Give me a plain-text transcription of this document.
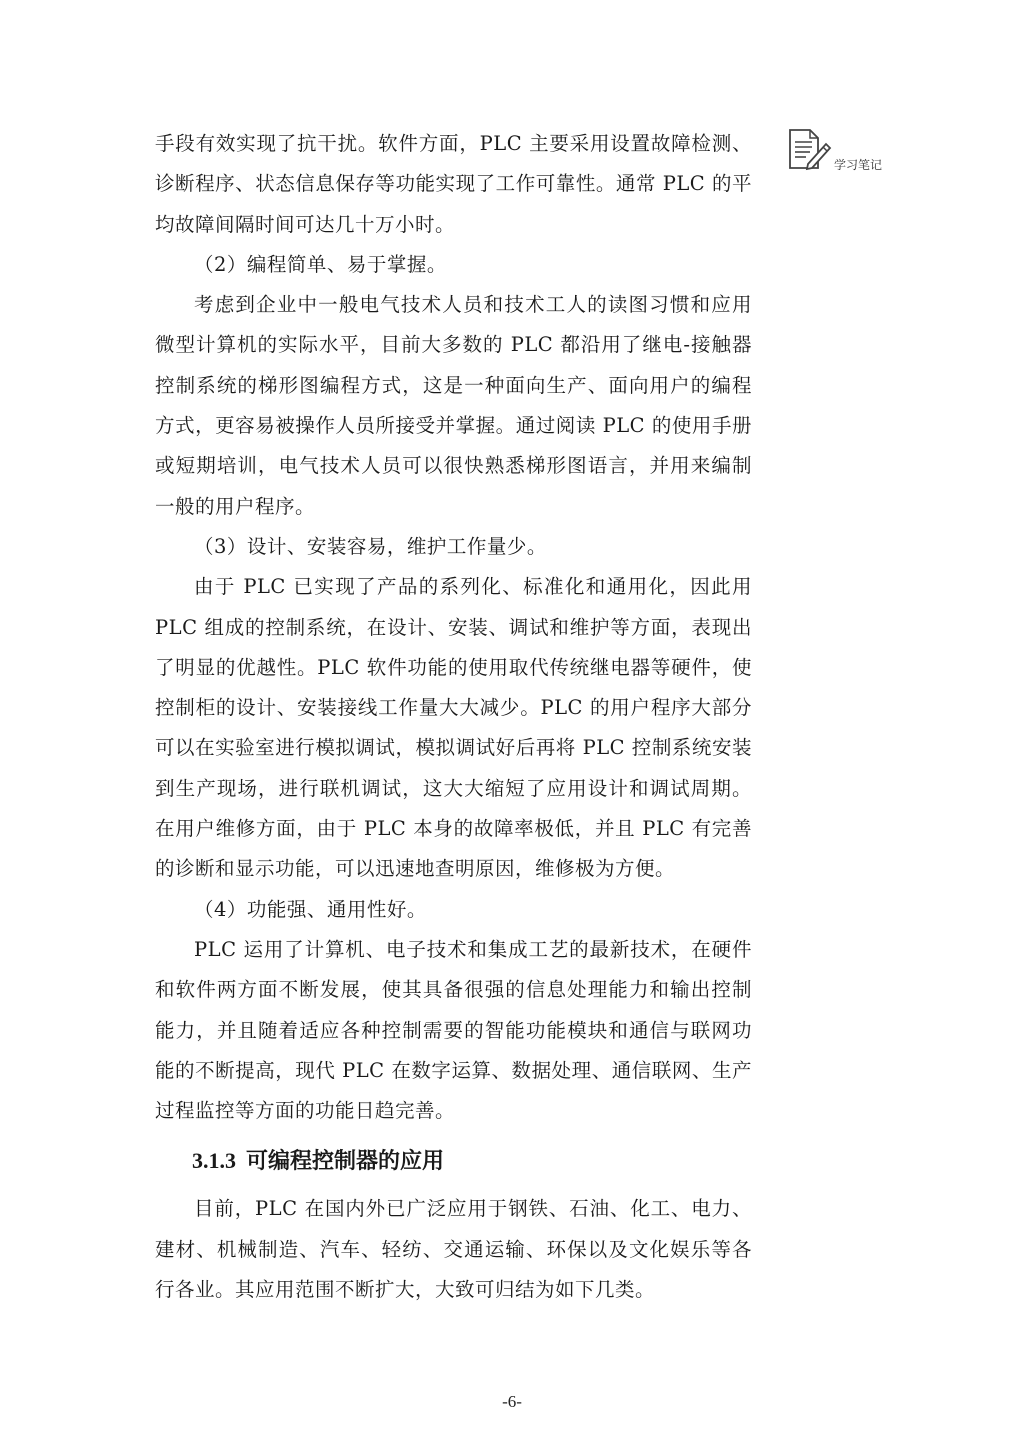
学习笔记

手段有效实现了抗干扰。软件方面，PLC 主要采用设置故障检测、诊断程序、状态信息保存等功能实现了工作可靠性。通常 PLC 的平均故障间隔时间可达几十万小时。

（2）编程简单、易于掌握。

考虑到企业中一般电气技术人员和技术工人的读图习惯和应用微型计算机的实际水平，目前大多数的 PLC 都沿用了继电-接触器控制系统的梯形图编程方式，这是一种面向生产、面向用户的编程方式，更容易被操作人员所接受并掌握。通过阅读 PLC 的使用手册或短期培训，电气技术人员可以很快熟悉梯形图语言，并用来编制一般的用户程序。

（3）设计、安装容易，维护工作量少。

由于 PLC 已实现了产品的系列化、标准化和通用化，因此用 PLC 组成的控制系统，在设计、安装、调试和维护等方面，表现出了明显的优越性。PLC 软件功能的使用取代传统继电器等硬件，使控制柜的设计、安装接线工作量大大减少。PLC 的用户程序大部分可以在实验室进行模拟调试，模拟调试好后再将 PLC 控制系统安装到生产现场，进行联机调试，这大大缩短了应用设计和调试周期。在用户维修方面，由于 PLC 本身的故障率极低，并且 PLC 有完善的诊断和显示功能，可以迅速地查明原因，维修极为方便。

（4）功能强、通用性好。

PLC 运用了计算机、电子技术和集成工艺的最新技术，在硬件和软件两方面不断发展，使其具备很强的信息处理能力和输出控制能力，并且随着适应各种控制需要的智能功能模块和通信与联网功能的不断提高，现代 PLC 在数字运算、数据处理、通信联网、生产过程监控等方面的功能日趋完善。

3.1.3 可编程控制器的应用

目前，PLC 在国内外已广泛应用于钢铁、石油、化工、电力、建材、机械制造、汽车、轻纺、交通运输、环保以及文化娱乐等各行各业。其应用范围不断扩大，大致可归结为如下几类。

-6-
